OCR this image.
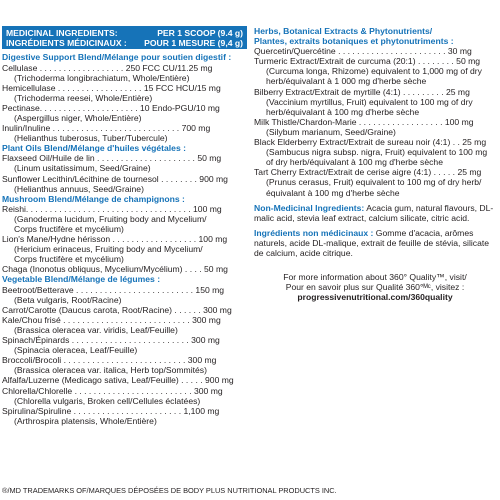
MEDICINAL INGREDIENTS:	PER 1 SCOOP (9.4 g)
INGRÉDIENTS MÉDICINAUX : POUR 1 MESURE (9,4 g)
Digestive Support Blend/Mélange pour soutien digestif :
Cellulase . . . . . . . . . . . . . . . . . . 250 FCC CU/11.25 mg
(Trichoderma longibrachiatum, Whole/Entière)
Hemicellulase . . . . . . . . . . . . . . . . . . 15 FCC HCU/15 mg
(Trichoderma reesei, Whole/Entière)
Pectinase. . . . . . . . . . . . . . . . . . . . . 10 Endo-PGU/10 mg
(Aspergillus niger, Whole/Entière)
Inulin/Inuline . . . . . . . . . . . . . . . . . . . . . . . . . . . 700 mg
(Helianthus tuberosus, Tuber/Tubercule)
Plant Oils Blend/Mélange d'huiles végétales :
Flaxseed Oil/Huile de lin . . . . . . . . . . . . . . . . . . . . . 50 mg
(Linum usitatissimum, Seed/Graine)
Sunflower Lecithin/Lécithine de tournesol . . . . . . . . 900 mg
(Helianthus annuus, Seed/Graine)
Mushroom Blend/Mélange de champignons :
Reishi. . . . . . . . . . . . . . . . . . . . . . . . . . . . . . . . . . . 100 mg
(Ganoderma lucidum, Fruiting body and Mycelium/
Corps fructifère et mycélium)
Lion's Mane/Hydne hérisson . . . . . . . . . . . . . . . . . . 100 mg
(Hericium erinaceus, Fruiting body and Mycelium/
Corps fructifère et mycélium)
Chaga (Inonotus obliquus, Mycelium/Mycélium) . . . . 50 mg
Vegetable Blend/Mélange de légumes :
Beetroot/Betterave . . . . . . . . . . . . . . . . . . . . . . . . . 150 mg
(Beta vulgaris, Root/Racine)
Carrot/Carotte (Daucus carota, Root/Racine) . . . . . . 300 mg
Kale/Chou frisé . . . . . . . . . . . . . . . . . . . . . . . . . . . 300 mg
(Brassica oleracea var. viridis, Leaf/Feuille)
Spinach/Épinards . . . . . . . . . . . . . . . . . . . . . . . . . 300 mg
(Spinacia oleracea, Leaf/Feuille)
Broccoli/Brocoli . . . . . . . . . . . . . . . . . . . . . . . . . . 300 mg
(Brassica oleracea var. italica, Herb top/Sommités)
Alfalfa/Luzerne (Medicago sativa, Leaf/Feuille) . . . . . 900 mg
Chlorella/Chlorelle . . . . . . . . . . . . . . . . . . . . . . . . . 300 mg
(Chlorella vulgaris, Broken cell/Cellules éclatées)
Spirulina/Spiruline . . . . . . . . . . . . . . . . . . . . . . . 1,100 mg
(Arthrospira platensis, Whole/Entière)
Herbs, Botanical Extracts & Phytonutrients/
Plantes, extraits botaniques et phytonutriments :
Quercetin/Quercétine . . . . . . . . . . . . . . . . . . . . . . . 30 mg
Turmeric Extract/Extrait de curcuma (20:1) . . . . . . . . 50 mg
(Curcuma longa, Rhizome) equivalent to 1,000 mg of dry
herb/équivalant à 1 000 mg d'herbe sèche
Bilberry Extract/Extrait de myrtille (4:1) . . . . . . . . . 25 mg
(Vaccinium myrtillus, Fruit) equivalent to 100 mg of dry
herb/équivalant à 100 mg d'herbe sèche
Milk Thistle/Chardon-Marie . . . . . . . . . . . . . . . . . . 100 mg
(Silybum marianum, Seed/Graine)
Black Elderberry Extract/Extrait de sureau noir (4:1) . . 25 mg
(Sambucus nigra subsp. nigra, Fruit) equivalent to 100 mg
of dry herb/équivalant à 100 mg d'herbe sèche
Tart Cherry Extract/Extrait de cerise aigre (4:1) . . . . . 25 mg
(Prunus cerasus, Fruit) equivalent to 100 mg of dry herb/
équivalant à 100 mg d'herbe sèche
Non-Medicinal Ingredients: Acacia gum, natural flavours, DL-malic acid, stevia leaf extract, calcium silicate, citric acid.
Ingrédients non médicinaux : Gomme d'acacia, arômes naturels, acide DL-malique, extrait de feuille de stévia, silicate de calcium, acide citrique.
For more information about 360° Quality™, visit/
Pour en savoir plus sur Qualité 360°ᴹᶜ, visitez :
progressivenutritional.com/360quality
®/MD TRADEMARKS OF/MARQUES DÉPOSÉES DE BODY PLUS NUTRITIONAL PRODUCTS INC.
